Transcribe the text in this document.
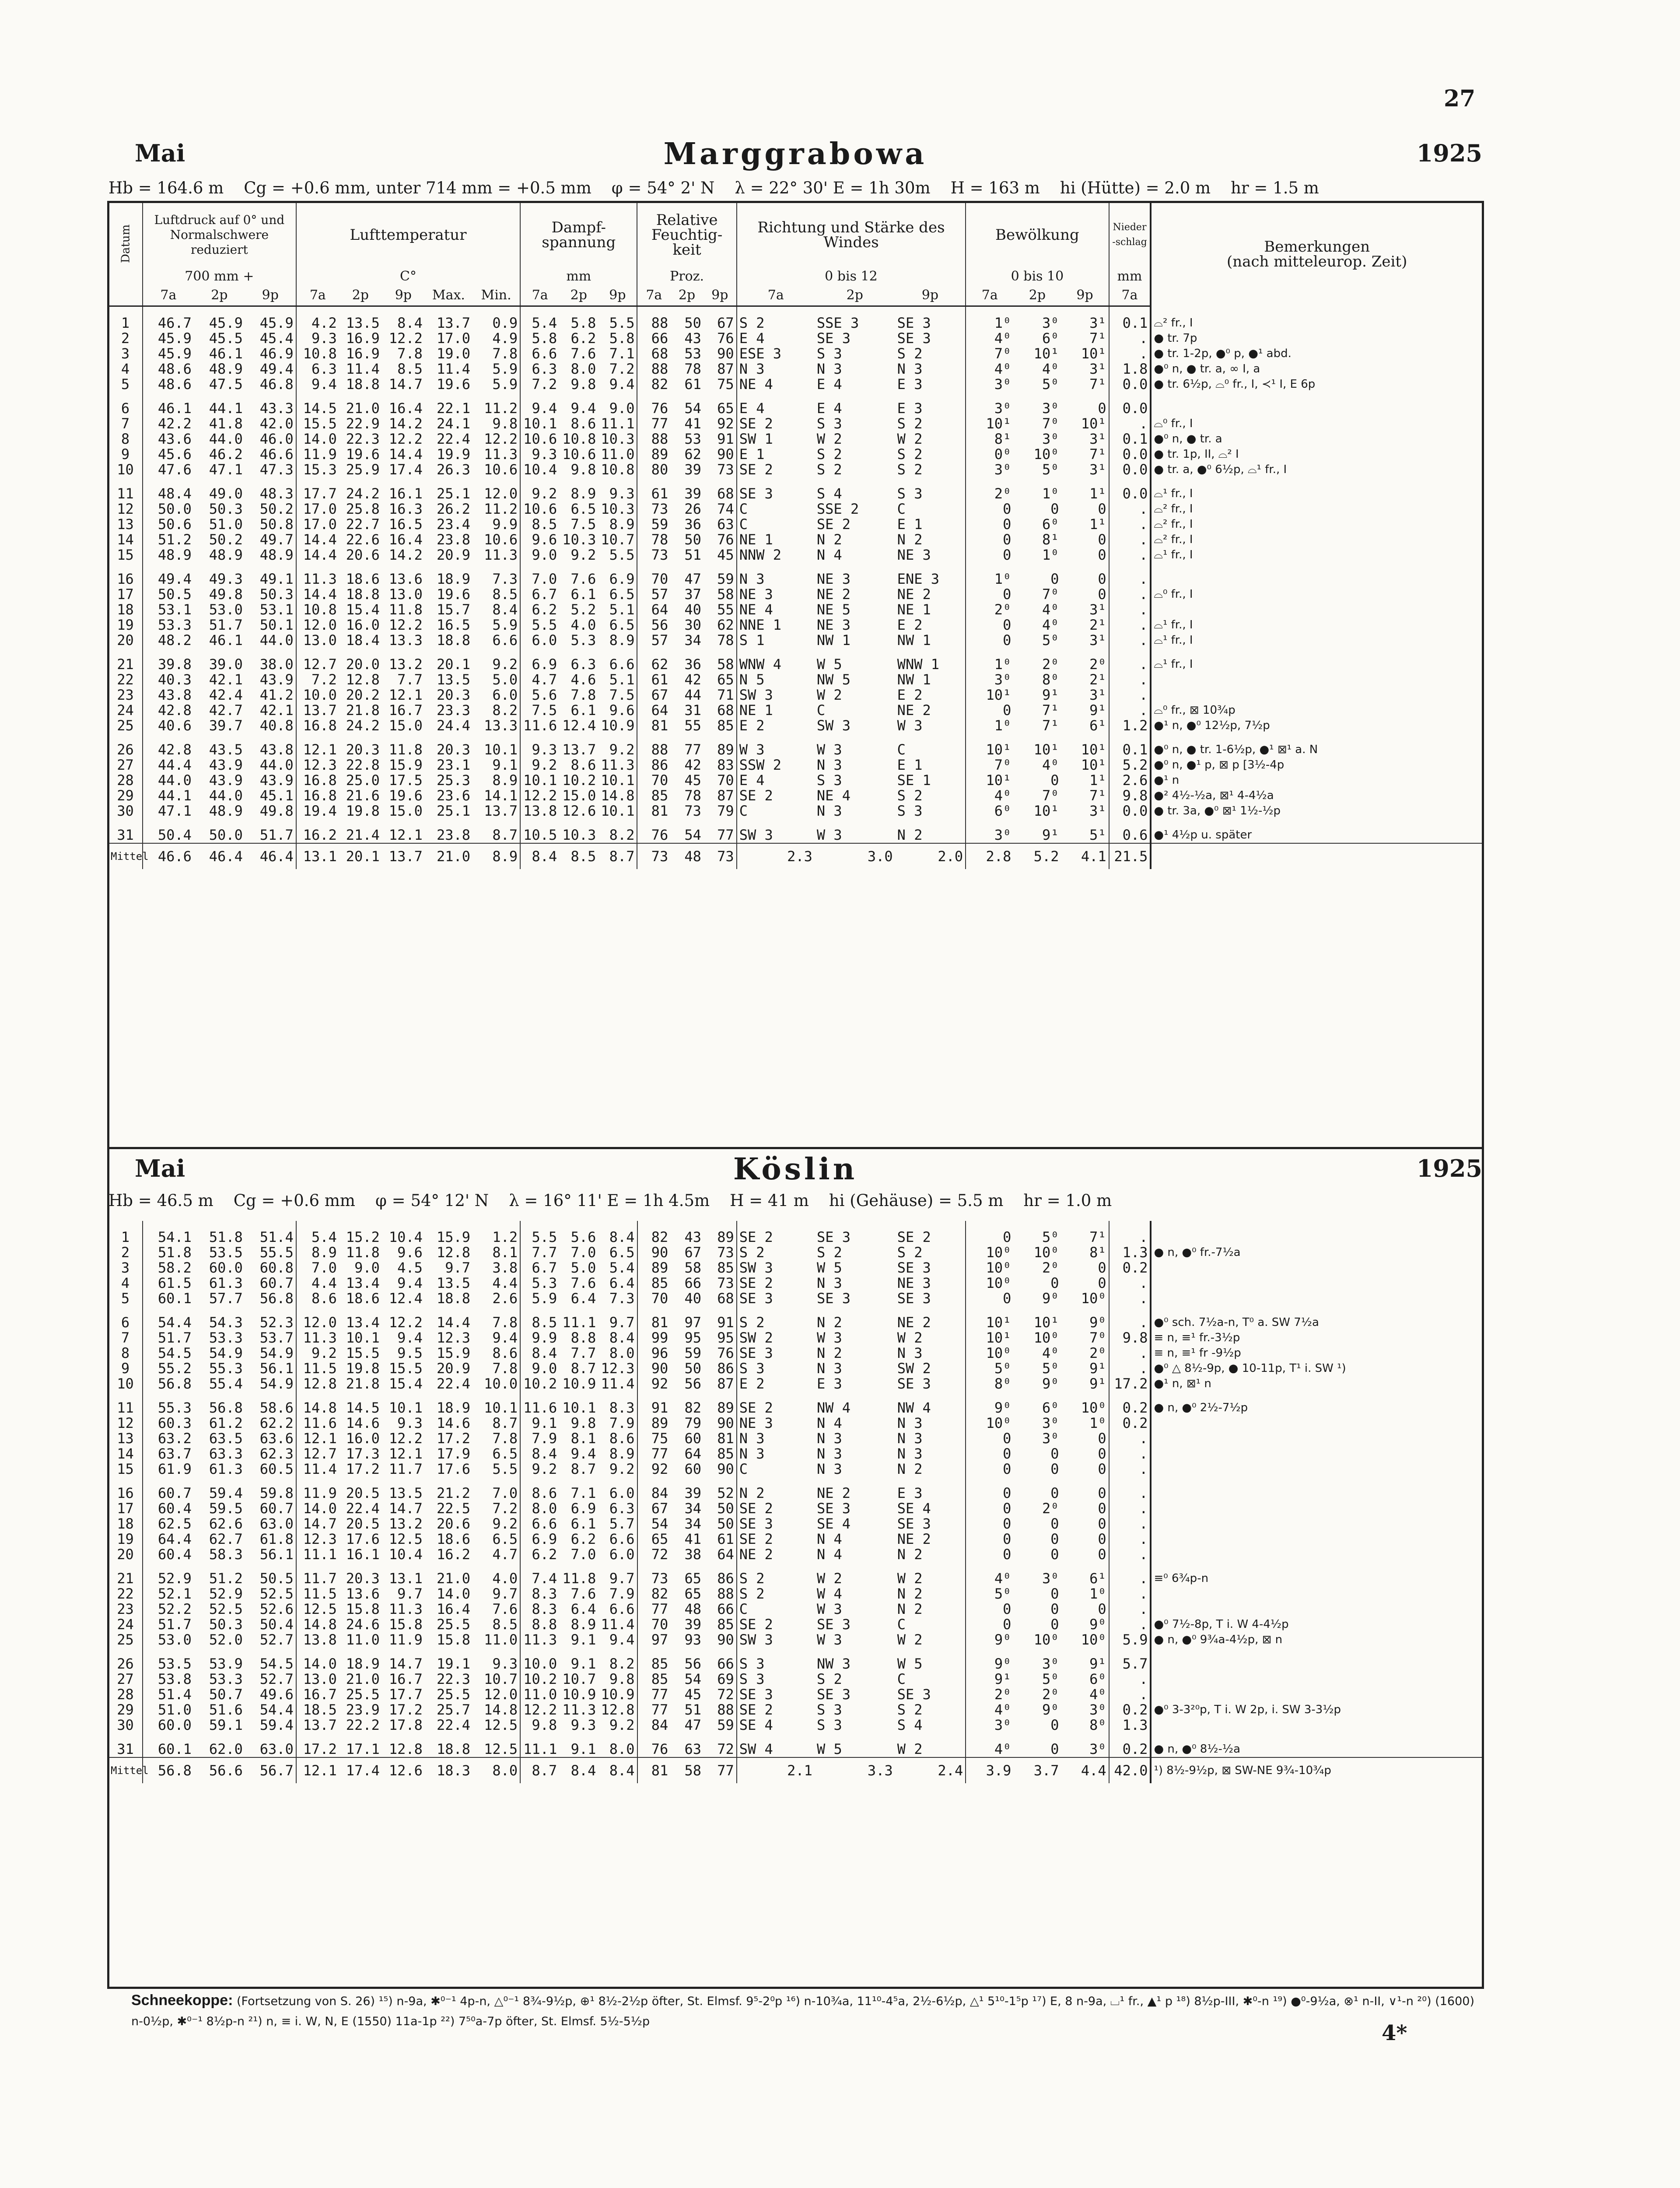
27
Mai	Marggrabowa	1925
Hb = 164.6 m Cg = +0.6 mm, unter 714 mm = +0.5 mm φ = 54° 2' N λ = 22° 30' E = 1h 30m H = 163 m hi (Hütte) = 2.0 m hr = 1.5 m
Datum	Luftdruck auf 0° und Normalschwere reduziert			Lufttemperatur					Dampf-spannung			Relative Feuchtig-keit			Richtung und Stärke des Windes			Bewölkung			Nieder-schlag	Bemerkungen
(nach mitteleurop. Zeit)
	700 mm +			C°					mm			Proz.			0 bis 12			0 bis 10			mm	
	7a	2p	9p	7a	2p	9p	Max.	Min.	7a	2p	9p	7a	2p	9p	7a	2p	9p	7a	2p	9p	7a	

1	46.7	45.9	45.9	4.2	13.5	8.4	13.7	0.9	5.4	5.8	5.5	88	50	67	S 2	SSE 3	SE 3	1⁰	3⁰	3¹	0.1	⌓² fr., I
2	45.9	45.5	45.4	9.3	16.9	12.2	17.0	4.9	5.8	6.2	5.8	66	43	76	E 4	SE 3	SE 3	4⁰	6⁰	7¹	.	● tr. 7p
3	45.9	46.1	46.9	10.8	16.9	7.8	19.0	7.8	6.6	7.6	7.1	68	53	90	ESE 3	S 3	S 2	7⁰	10¹	10¹	.	● tr. 1-2p, ●⁰ p, ●¹ abd.
4	48.6	48.9	49.4	6.3	11.4	8.5	11.4	5.9	6.3	8.0	7.2	88	78	87	N 3	N 3	N 3	4⁰	4⁰	3¹	1.8	●⁰ n, ● tr. a, ∞ I, a
5	48.6	47.5	46.8	9.4	18.8	14.7	19.6	5.9	7.2	9.8	9.4	82	61	75	NE 4	E 4	E 3	3⁰	5⁰	7¹	0.0	● tr. 6½p, ⌓⁰ fr., I, ≺¹ I, E 6p

6	46.1	44.1	43.3	14.5	21.0	16.4	22.1	11.2	9.4	9.4	9.0	76	54	65	E 4	E 4	E 3	3⁰	3⁰	0	0.0	
7	42.2	41.8	42.0	15.5	22.9	14.2	24.1	9.8	10.1	8.6	11.1	77	41	92	SE 2	S 3	S 2	10¹	7⁰	10¹	.	⌓⁰ fr., I
8	43.6	44.0	46.0	14.0	22.3	12.2	22.4	12.2	10.6	10.8	10.3	88	53	91	SW 1	W 2	W 2	8¹	3⁰	3¹	0.1	●⁰ n, ● tr. a
9	45.6	46.2	46.6	11.9	19.6	14.4	19.9	11.3	9.3	10.6	11.0	89	62	90	E 1	S 2	S 2	0⁰	10⁰	7¹	0.0	● tr. 1p, II, ⌓² I
10	47.6	47.1	47.3	15.3	25.9	17.4	26.3	10.6	10.4	9.8	10.8	80	39	73	SE 2	S 2	S 2	3⁰	5⁰	3¹	0.0	● tr. a, ●⁰ 6½p, ⌓¹ fr., I

11	48.4	49.0	48.3	17.7	24.2	16.1	25.1	12.0	9.2	8.9	9.3	61	39	68	SE 3	S 4	S 3	2⁰	1⁰	1¹	0.0	⌓¹ fr., I
12	50.0	50.3	50.2	17.0	25.8	16.3	26.2	11.2	10.6	6.5	10.3	73	26	74	C	SSE 2	C	0	0	0	.	⌓² fr., I
13	50.6	51.0	50.8	17.0	22.7	16.5	23.4	9.9	8.5	7.5	8.9	59	36	63	C	SE 2	E 1	0	6⁰	1¹	.	⌓² fr., I
14	51.2	50.2	49.7	14.4	22.6	16.4	23.8	10.6	9.6	10.3	10.7	78	50	76	NE 1	N 2	N 2	0	8¹	0	.	⌓² fr., I
15	48.9	48.9	48.9	14.4	20.6	14.2	20.9	11.3	9.0	9.2	5.5	73	51	45	NNW 2	N 4	NE 3	0	1⁰	0	.	⌓¹ fr., I

16	49.4	49.3	49.1	11.3	18.6	13.6	18.9	7.3	7.0	7.6	6.9	70	47	59	N 3	NE 3	ENE 3	1⁰	0	0	.	
17	50.5	49.8	50.3	14.4	18.8	13.0	19.6	8.5	6.7	6.1	6.5	57	37	58	NE 3	NE 2	NE 2	0	7⁰	0	.	⌓⁰ fr., I
18	53.1	53.0	53.1	10.8	15.4	11.8	15.7	8.4	6.2	5.2	5.1	64	40	55	NE 4	NE 5	NE 1	2⁰	4⁰	3¹	.	
19	53.3	51.7	50.1	12.0	16.0	12.2	16.5	5.9	5.5	4.0	6.5	56	30	62	NNE 1	NE 3	E 2	0	4⁰	2¹	.	⌓¹ fr., I
20	48.2	46.1	44.0	13.0	18.4	13.3	18.8	6.6	6.0	5.3	8.9	57	34	78	S 1	NW 1	NW 1	0	5⁰	3¹	.	⌓¹ fr., I

21	39.8	39.0	38.0	12.7	20.0	13.2	20.1	9.2	6.9	6.3	6.6	62	36	58	WNW 4	W 5	WNW 1	1⁰	2⁰	2⁰	.	⌓¹ fr., I
22	40.3	42.1	43.9	7.2	12.8	7.7	13.5	5.0	4.7	4.6	5.1	61	42	65	N 5	NW 5	NW 1	3⁰	8⁰	2¹	.	
23	43.8	42.4	41.2	10.0	20.2	12.1	20.3	6.0	5.6	7.8	7.5	67	44	71	SW 3	W 2	E 2	10¹	9¹	3¹	.	
24	42.8	42.7	42.1	13.7	21.8	16.7	23.3	8.2	7.5	6.1	9.6	64	31	68	NE 1	C	NE 2	0	7¹	9¹	.	⌓⁰ fr., ⊠ 10¾p
25	40.6	39.7	40.8	16.8	24.2	15.0	24.4	13.3	11.6	12.4	10.9	81	55	85	E 2	SW 3	W 3	1⁰	7¹	6¹	1.2	●¹ n, ●⁰ 12½p, 7½p

26	42.8	43.5	43.8	12.1	20.3	11.8	20.3	10.1	9.3	13.7	9.2	88	77	89	W 3	W 3	C	10¹	10¹	10¹	0.1	●⁰ n, ● tr. 1-6½p, ●¹ ⊠¹ a. N
27	44.4	43.9	44.0	12.3	22.8	15.9	23.1	9.1	9.2	8.6	11.3	86	42	83	SSW 2	N 3	E 1	7⁰	4⁰	10¹	5.2	●⁰ n, ●¹ p, ⊠ p [3½-4p
28	44.0	43.9	43.9	16.8	25.0	17.5	25.3	8.9	10.1	10.2	10.1	70	45	70	E 4	S 3	SE 1	10¹	0	1¹	2.6	●¹ n
29	44.1	44.0	45.1	16.8	21.6	19.6	23.6	14.1	12.2	15.0	14.8	85	78	87	SE 2	NE 4	S 2	4⁰	7⁰	7¹	9.8	●² 4½-½a, ⊠¹ 4-4½a
30	47.1	48.9	49.8	19.4	19.8	15.0	25.1	13.7	13.8	12.6	10.1	81	73	79	C	N 3	S 3	6⁰	10¹	3¹	0.0	● tr. 3a, ●⁰ ⊠¹ 1½-½p

31	50.4	50.0	51.7	16.2	21.4	12.1	23.8	8.7	10.5	10.3	8.2	76	54	77	SW 3	W 3	N 2	3⁰	9¹	5¹	0.6	●¹ 4½p u. später
Mittel	46.6	46.4	46.4	13.1	20.1	13.7	21.0	8.9	8.4	8.5	8.7	73	48	73	2.3	3.0	2.0	2.8	5.2	4.1	21.5	
Mai	Köslin	1925
Hb = 46.5 m Cg = +0.6 mm φ = 54° 12' N λ = 16° 11' E = 1h 4.5m H = 41 m hi (Gehäuse) = 5.5 m hr = 1.0 m

1	54.1	51.8	51.4	5.4	15.2	10.4	15.9	1.2	5.5	5.6	8.4	82	43	89	SE 2	SE 3	SE 2	0	5⁰	7¹	.	
2	51.8	53.5	55.5	8.9	11.8	9.6	12.8	8.1	7.7	7.0	6.5	90	67	73	S 2	S 2	S 2	10⁰	10⁰	8¹	1.3	● n, ●⁰ fr.-7½a
3	58.2	60.0	60.8	7.0	9.0	4.5	9.7	3.8	6.7	5.0	5.4	89	58	85	SW 3	W 5	SE 3	10⁰	2⁰	0	0.2	
4	61.5	61.3	60.7	4.4	13.4	9.4	13.5	4.4	5.3	7.6	6.4	85	66	73	SE 2	N 3	NE 3	10⁰	0	0	.	
5	60.1	57.7	56.8	8.6	18.6	12.4	18.8	2.6	5.9	6.4	7.3	70	40	68	SE 3	SE 3	SE 3	0	9⁰	10⁰	.	

6	54.4	54.3	52.3	12.0	13.4	12.2	14.4	7.8	8.5	11.1	9.7	81	97	91	S 2	N 2	NE 2	10¹	10¹	9⁰	.	●⁰ sch. 7½a-n, T⁰ a. SW 7½a
7	51.7	53.3	53.7	11.3	10.1	9.4	12.3	9.4	9.9	8.8	8.4	99	95	95	SW 2	W 3	W 2	10¹	10⁰	7⁰	9.8	≡ n, ≡¹ fr.-3½p
8	54.5	54.9	54.9	9.2	15.5	9.5	15.9	8.6	8.4	7.7	8.0	96	59	76	SE 3	N 2	N 3	10⁰	4⁰	2⁰	.	≡ n, ≡¹ fr -9½p
9	55.2	55.3	56.1	11.5	19.8	15.5	20.9	7.8	9.0	8.7	12.3	90	50	86	S 3	N 3	SW 2	5⁰	5⁰	9¹	.	●⁰ △ 8½-9p, ● 10-11p, T¹ i. SW ¹)
10	56.8	55.4	54.9	12.8	21.8	15.4	22.4	10.0	10.2	10.9	11.4	92	56	87	E 2	E 3	SE 3	8⁰	9⁰	9¹	17.2	●¹ n, ⊠¹ n

11	55.3	56.8	58.6	14.8	14.5	10.1	18.9	10.1	11.6	10.1	8.3	91	82	89	SE 2	NW 4	NW 4	9⁰	6⁰	10⁰	0.2	● n, ●⁰ 2½-7½p
12	60.3	61.2	62.2	11.6	14.6	9.3	14.6	8.7	9.1	9.8	7.9	89	79	90	NE 3	N 4	N 3	10⁰	3⁰	1⁰	0.2	
13	63.2	63.5	63.6	12.1	16.0	12.2	17.2	7.8	7.9	8.1	8.6	75	60	81	N 3	N 3	N 3	0	3⁰	0	.	
14	63.7	63.3	62.3	12.7	17.3	12.1	17.9	6.5	8.4	9.4	8.9	77	64	85	N 3	N 3	N 3	0	0	0	.	
15	61.9	61.3	60.5	11.4	17.2	11.7	17.6	5.5	9.2	8.7	9.2	92	60	90	C	N 3	N 2	0	0	0	.	

16	60.7	59.4	59.8	11.9	20.5	13.5	21.2	7.0	8.6	7.1	6.0	84	39	52	N 2	NE 2	E 3	0	0	0	.	
17	60.4	59.5	60.7	14.0	22.4	14.7	22.5	7.2	8.0	6.9	6.3	67	34	50	SE 2	SE 3	SE 4	0	2⁰	0	.	
18	62.5	62.6	63.0	14.7	20.5	13.2	20.6	9.2	6.6	6.1	5.7	54	34	50	SE 3	SE 4	SE 3	0	0	0	.	
19	64.4	62.7	61.8	12.3	17.6	12.5	18.6	6.5	6.9	6.2	6.6	65	41	61	SE 2	N 4	NE 2	0	0	0	.	
20	60.4	58.3	56.1	11.1	16.1	10.4	16.2	4.7	6.2	7.0	6.0	72	38	64	NE 2	N 4	N 2	0	0	0	.	

21	52.9	51.2	50.5	11.7	20.3	13.1	21.0	4.0	7.4	11.8	9.7	73	65	86	S 2	W 2	W 2	4⁰	3⁰	6¹	.	≡⁰ 6¾p-n
22	52.1	52.9	52.5	11.5	13.6	9.7	14.0	9.7	8.3	7.6	7.9	82	65	88	S 2	W 4	N 2	5⁰	0	1⁰	.	
23	52.2	52.5	52.6	12.5	15.8	11.3	16.4	7.6	8.3	6.4	6.6	77	48	66	C	W 3	N 2	0	0	0	.	
24	51.7	50.3	50.4	14.8	24.6	15.8	25.5	8.5	8.8	8.9	11.4	70	39	85	SE 2	SE 3	C	0	0	9⁰	.	●⁰ 7½-8p, T i. W 4-4½p
25	53.0	52.0	52.7	13.8	11.0	11.9	15.8	11.0	11.3	9.1	9.4	97	93	90	SW 3	W 3	W 2	9⁰	10⁰	10⁰	5.9	● n, ●⁰ 9¾a-4½p, ⊠ n

26	53.5	53.9	54.5	14.0	18.9	14.7	19.1	9.3	10.0	9.1	8.2	85	56	66	S 3	NW 3	W 5	9⁰	3⁰	9¹	5.7	
27	53.8	53.3	52.7	13.0	21.0	16.7	22.3	10.7	10.2	10.7	9.8	85	54	69	S 3	S 2	C	9¹	5⁰	6⁰	.	
28	51.4	50.7	49.6	16.7	25.5	17.7	25.5	12.0	11.0	10.9	10.9	77	45	72	SE 3	SE 3	SE 3	2⁰	2⁰	4⁰	.	
29	51.0	51.6	54.4	18.5	23.9	17.2	25.7	14.8	12.2	11.3	12.8	77	51	88	SE 2	S 3	S 2	4⁰	9⁰	3⁰	0.2	●⁰ 3-3²⁰p, T i. W 2p, i. SW 3-3½p
30	60.0	59.1	59.4	13.7	22.2	17.8	22.4	12.5	9.8	9.3	9.2	84	47	59	SE 4	S 3	S 4	3⁰	0	8⁰	1.3	

31	60.1	62.0	63.0	17.2	17.1	12.8	18.8	12.5	11.1	9.1	8.0	76	63	72	SW 4	W 5	W 2	4⁰	0	3⁰	0.2	● n, ●⁰ 8½-½a
Mittel	56.8	56.6	56.7	12.1	17.4	12.6	18.3	8.0	8.7	8.4	8.4	81	58	77	2.1	3.3	2.4	3.9	3.7	4.4	42.0	¹) 8½-9½p, ⊠ SW-NE 9¾-10¾p
Schneekoppe: (Fortsetzung von S. 26) ¹⁵) n-9a, ✱⁰⁻¹ 4p-n, △⁰⁻¹ 8¾-9½p, ⊕¹ 8½-2½p öfter, St. Elmsf. 9⁵-2⁰p ¹⁶) n-10¾a, 11¹⁰-4⁵a, 2½-6½p, △¹ 5¹⁰-1⁵p ¹⁷) E, 8 n-9a, ⌴¹ fr., ▲¹ p ¹⁸) 8½p-III, ✱⁰-n ¹⁹) ●⁰-9½a, ⊗¹ n-II, ∨¹-n ²⁰) (1600) n-0½p, ✱⁰⁻¹ 8½p-n ²¹) n, ≡ i. W, N, E (1550) 11a-1p ²²) 7⁵⁰a-7p öfter, St. Elmsf. 5½-5½p	4*
